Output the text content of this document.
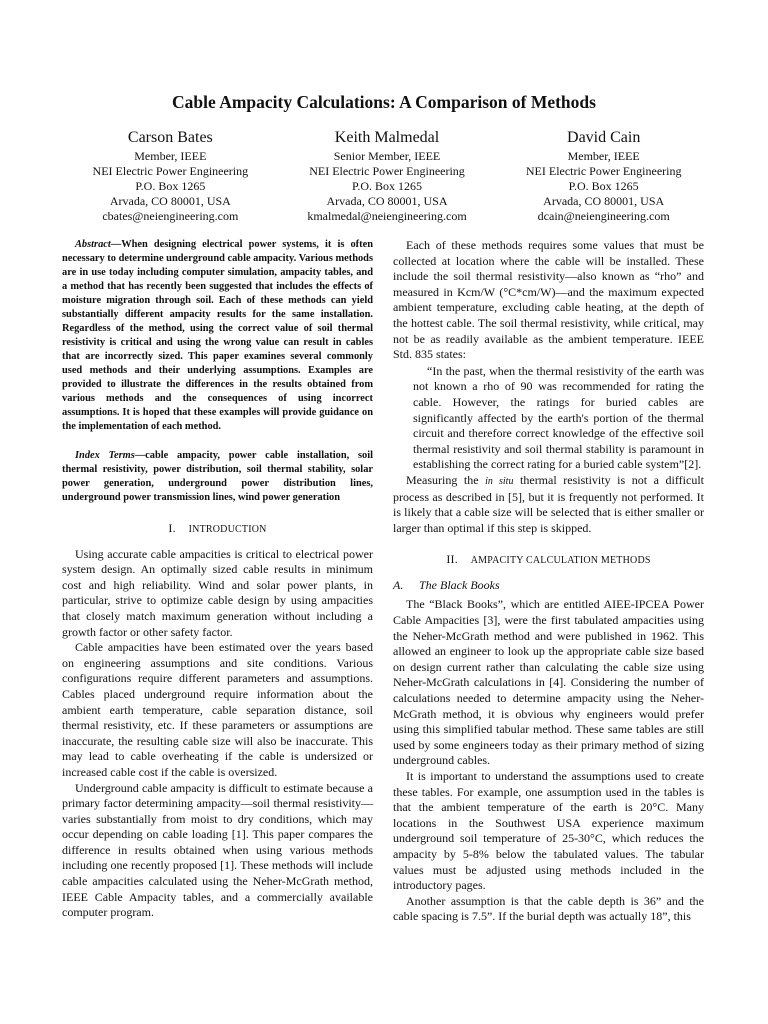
Cable Ampacity Calculations: A Comparison of Methods
Carson Bates
Member, IEEE
NEI Electric Power Engineering
P.O. Box 1265
Arvada, CO 80001, USA
cbates@neiengineering.com
Keith Malmedal
Senior Member, IEEE
NEI Electric Power Engineering
P.O. Box 1265
Arvada, CO 80001, USA
kmalmedal@neiengineering.com
David Cain
Member, IEEE
NEI Electric Power Engineering
P.O. Box 1265
Arvada, CO 80001, USA
dcain@neiengineering.com

Abstract—When designing electrical power systems, it is often necessary to determine underground cable ampacity. Various methods are in use today including computer simulation, ampacity tables, and a method that has recently been suggested that includes the effects of moisture migration through soil. Each of these methods can yield substantially different ampacity results for the same installation. Regardless of the method, using the correct value of soil thermal resistivity is critical and using the wrong value can result in cables that are incorrectly sized. This paper examines several commonly used methods and their underlying assumptions. Examples are provided to illustrate the differences in the results obtained from various methods and the consequences of using incorrect assumptions. It is hoped that these examples will provide guidance on the implementation of each method.

Index Terms—cable ampacity, power cable installation, soil thermal resistivity, power distribution, soil thermal stability, solar power generation, underground power distribution lines, underground power transmission lines, wind power generation

I. INTRODUCTION

Using accurate cable ampacities is critical to electrical power system design. An optimally sized cable results in minimum cost and high reliability. Wind and solar power plants, in particular, strive to optimize cable design by using ampacities that closely match maximum generation without including a growth factor or other safety factor.

Cable ampacities have been estimated over the years based on engineering assumptions and site conditions. Various configurations require different parameters and assumptions. Cables placed underground require information about the ambient earth temperature, cable separation distance, soil thermal resistivity, etc. If these parameters or assumptions are inaccurate, the resulting cable size will also be inaccurate. This may lead to cable overheating if the cable is undersized or increased cable cost if the cable is oversized.

Underground cable ampacity is difficult to estimate because a primary factor determining ampacity—soil thermal resistivity—varies substantially from moist to dry conditions, which may occur depending on cable loading [1]. This paper compares the difference in results obtained when using various methods including one recently proposed [1]. These methods will include cable ampacities calculated using the Neher-McGrath method, IEEE Cable Ampacity tables, and a commercially available computer program.

Each of these methods requires some values that must be collected at location where the cable will be installed. These include the soil thermal resistivity—also known as “rho” and measured in Kcm/W (°C*cm/W)—and the maximum expected ambient temperature, excluding cable heating, at the depth of the hottest cable. The soil thermal resistivity, while critical, may not be as readily available as the ambient temperature. IEEE Std. 835 states:

“In the past, when the thermal resistivity of the earth was not known a rho of 90 was recommended for rating the cable. However, the ratings for buried cables are significantly affected by the earth's portion of the thermal circuit and therefore correct knowledge of the effective soil thermal resistivity and soil thermal stability is paramount in establishing the correct rating for a buried cable system”[2].

Measuring the in situ thermal resistivity is not a difficult process as described in [5], but it is frequently not performed. It is likely that a cable size will be selected that is either smaller or larger than optimal if this step is skipped.

II. AMPACITY CALCULATION METHODS
A. The Black Books

The “Black Books”, which are entitled AIEE-IPCEA Power Cable Ampacities [3], were the first tabulated ampacities using the Neher-McGrath method and were published in 1962. This allowed an engineer to look up the appropriate cable size based on design current rather than calculating the cable size using Neher-McGrath calculations in [4]. Considering the number of calculations needed to determine ampacity using the Neher-McGrath method, it is obvious why engineers would prefer using this simplified tabular method. These same tables are still used by some engineers today as their primary method of sizing underground cables.

It is important to understand the assumptions used to create these tables. For example, one assumption used in the tables is that the ambient temperature of the earth is 20°C. Many locations in the Southwest USA experience maximum underground soil temperature of 25-30°C, which reduces the ampacity by 5-8% below the tabulated values. The tabular values must be adjusted using methods included in the introductory pages.

Another assumption is that the cable depth is 36” and the cable spacing is 7.5”. If the burial depth was actually 18”, this
